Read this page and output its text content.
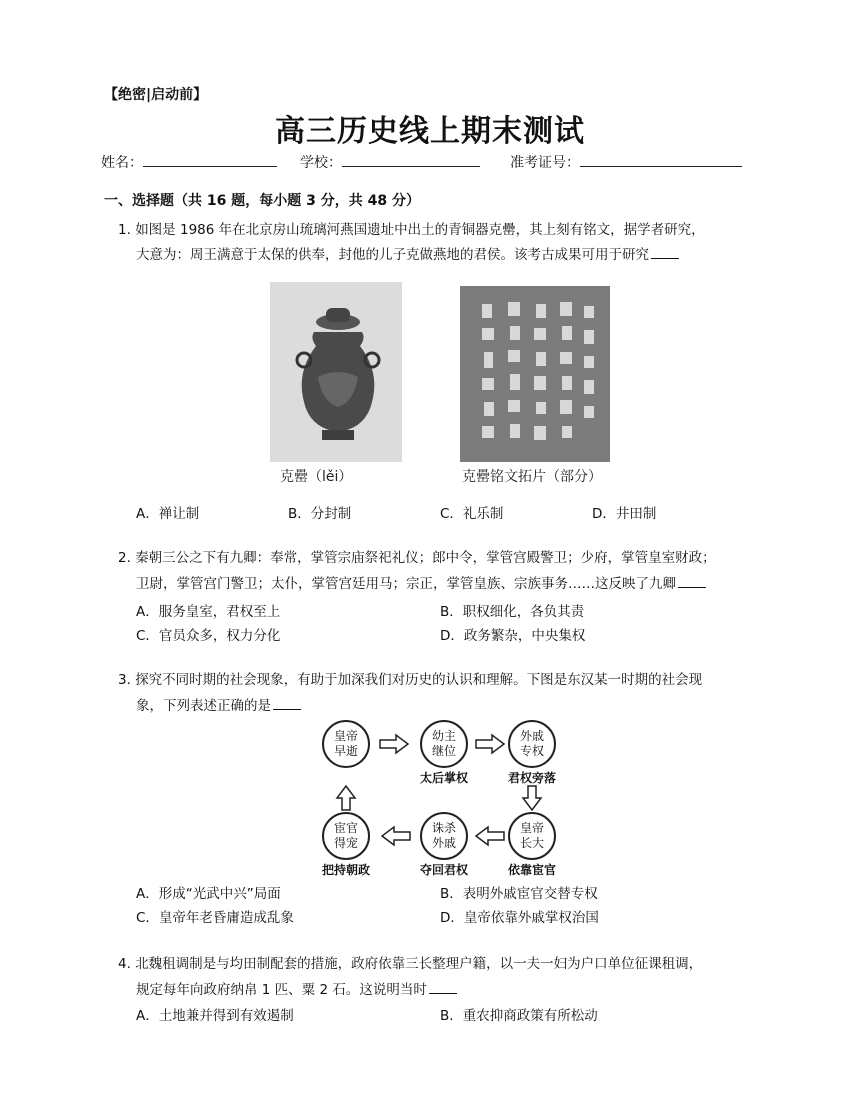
【绝密|启动前】
高三历史线上期末测试
姓名：	学校：	准考证号：
一、选择题（共 16 题，每小题 3 分，共 48 分）
1. 如图是 1986 年在北京房山琉璃河燕国遗址中出土的青铜器克罍，其上刻有铭文，据学者研究，
大意为：周王满意于太保的供奉，封他的儿子克做燕地的君侯。该考古成果可用于研究
克罍（lěi）	克罍铭文拓片（部分）
A．禅让制	B．分封制	C．礼乐制	D．井田制
2. 秦朝三公之下有九卿：奉常，掌管宗庙祭祀礼仪；郎中令，掌管宫殿警卫；少府，掌管皇室财政；
卫尉，掌管宫门警卫；太仆，掌管宫廷用马；宗正，掌管皇族、宗族事务……这反映了九卿
A．服务皇室，君权至上	B．职权细化，各负其责
C．官员众多，权力分化	D．政务繁杂，中央集权
3. 探究不同时期的社会现象，有助于加深我们对历史的认识和理解。下图是东汉某一时期的社会现
象，下列表述正确的是
皇帝
早逝
幼主
继位
外戚
专权
皇帝
长大
诛杀
外戚
宦官
得宠
太后掌权	君权旁落
依靠宦官
夺回君权
把持朝政
A．形成“光武中兴”局面	B．表明外戚宦官交替专权
C．皇帝年老昏庸造成乱象	D．皇帝依靠外戚掌权治国
4. 北魏租调制是与均田制配套的措施，政府依靠三长整理户籍，以一夫一妇为户口单位征课租调，
规定每年向政府纳帛 1 匹、粟 2 石。这说明当时
A．土地兼并得到有效遏制	B．重农抑商政策有所松动
